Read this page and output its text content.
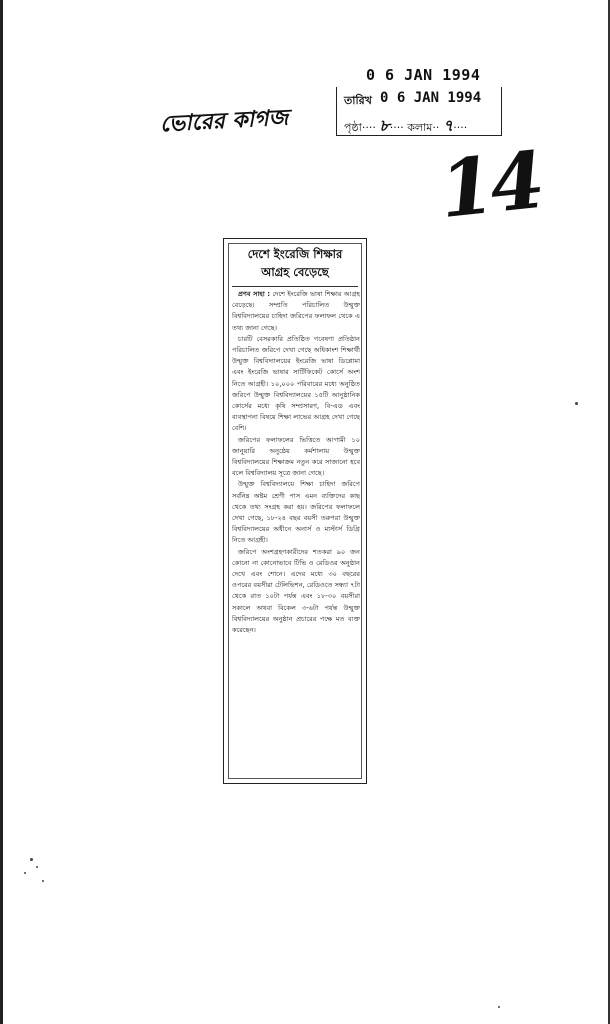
0 6 JAN 1994
তারিখ 0 6 JAN 1994
পৃষ্ঠা···· ৮···· কলাম·· ৭····
ভোরের কাগজ
14
দেশে ইংরেজি শিক্ষার
আগ্রহ বেড়েছে

প্রণব সাহা : দেশে ইংরেজি ভাষা শিক্ষার আগ্রহ বেড়েছে। সম্প্রতি পরিচালিত উন্মুক্ত বিশ্ববিদ্যালয়ের চাহিদা জরিপের ফলাফল থেকে এ তথ্য জানা গেছে।

চারটি বেসরকারি প্রতিষ্ঠিত গবেষণা প্রতিষ্ঠান পরিচালিত জরিপে দেখা গেছে অধিকাংশ শিক্ষার্থী উন্মুক্ত বিশ্ববিদ্যালয়ের ইংরেজি ভাষা ডিপ্লোমা এবং ইংরেজি ভাষার সার্টিফিকেট কোর্সে অংশ নিতে আগ্রহী। ১০,০০০ পরিবারের মধ্যে অনুষ্ঠিত জরিপে উন্মুক্ত বিশ্ববিদ্যালয়ের ১৫টি আনুষ্ঠানিক কোর্সের মধ্যে কৃষি সম্প্রসারণ, বি-এড এবং ব্যবস্থাপনা বিষয়ে শিক্ষা লাভের আগ্রহ দেখা গেছে বেশি।

জরিপের ফলাফলের ভিত্তিতে আগামী ১০ জানুয়ারি অনুষ্ঠেয় কর্মশালায় উন্মুক্ত বিশ্ববিদ্যালয়ের শিক্ষাক্রম নতুন করে সাজানো হবে বলে বিশ্ববিদ্যালয় সূত্রে জানা গেছে।

উন্মুক্ত বিশ্ববিদ্যালয়ে শিক্ষা চাহিদা জরিপে সর্বনিম্ন অষ্টম শ্রেণী পাস এমন ব্যক্তিদের কাছ থেকে তথ্য সংগ্রহ করা হয়। জরিপের ফলাফলে দেখা গেছে, ১৮-২৪ বছর বয়সী তরুণরা উন্মুক্ত বিশ্ববিদ্যালয়ের অধীনে অনার্স ও মাস্টার্স ডিগ্রি নিতে আগ্রহী।

জরিপে অংশগ্রহণকারীদের শতকরা ৯০ জন কোনো না কোনোভাবে টিভি ও রেডিওর অনুষ্ঠান দেখে এবং শোনে। এদের মধ্যে ৩০ বছরের ওপরের বয়সীরা টেলিভিশন, রেডিওতে সন্ধ্যা ৭টা থেকে রাত ১০টা পর্যন্ত এবং ১৮-৩০ বয়সীরা সকালে অথবা বিকেল ৩-৬টা পর্যন্ত উন্মুক্ত বিশ্ববিদ্যালয়ের অনুষ্ঠান প্রচারের পক্ষে মত ব্যক্ত করেছেন।
